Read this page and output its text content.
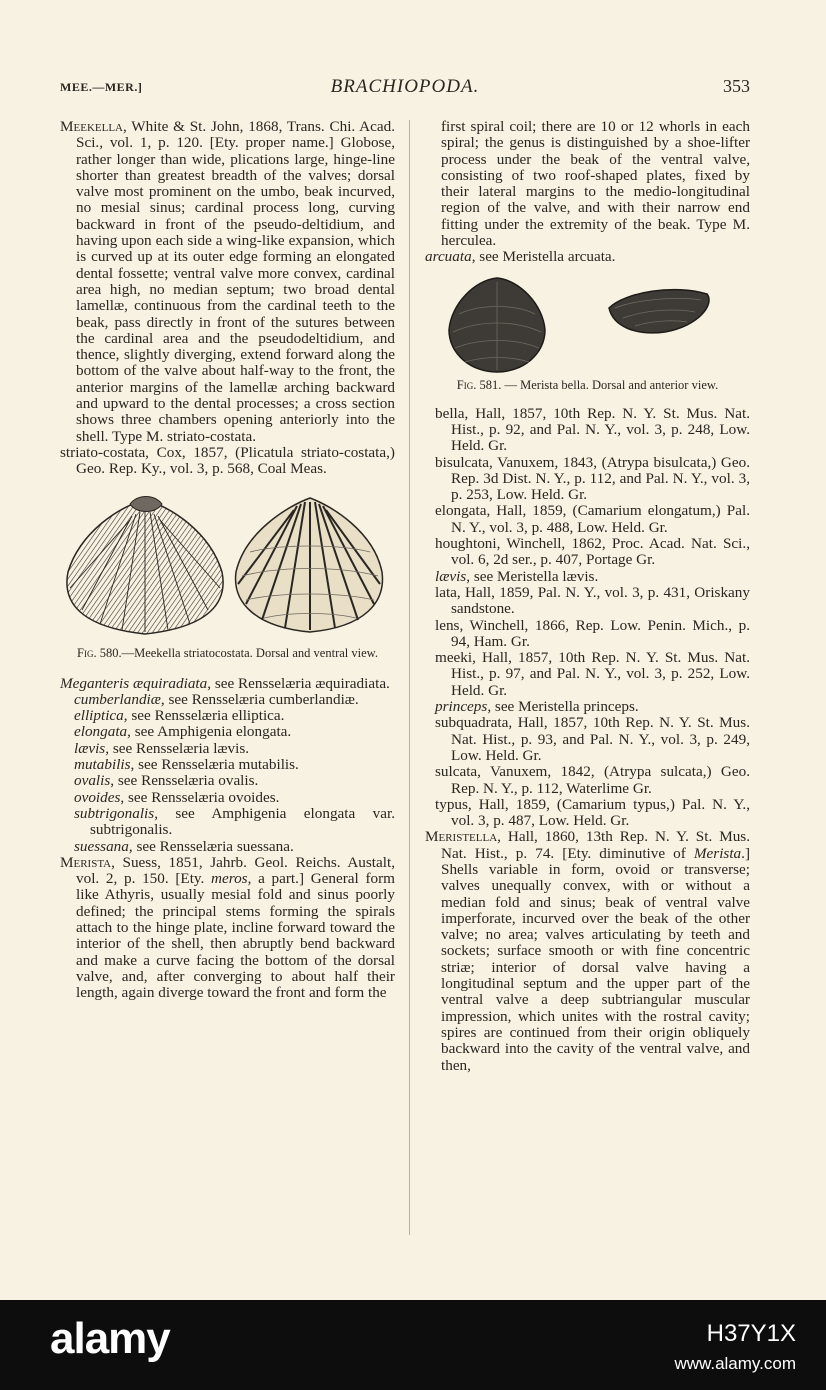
MEE.—MER.]	BRACHIOPODA.	353

Meekella, White & St. John, 1868, Trans. Chi. Acad. Sci., vol. 1, p. 120. [Ety. proper name.] Globose, rather longer than wide, plications large, hinge-line shorter than greatest breadth of the valves; dorsal valve most prominent on the umbo, beak incurved, no mesial sinus; cardinal process long, curving backward in front of the pseudo-deltidium, and having upon each side a wing-like expansion, which is curved up at its outer edge forming an elongated dental fossette; ventral valve more convex, cardinal area high, no median septum; two broad dental lamellæ, continuous from the cardinal teeth to the beak, pass directly in front of the sutures between the cardinal area and the pseudodeltidium, and thence, slightly diverging, extend forward along the bottom of the valve about half-way to the front, the anterior margins of the lamellæ arching backward and upward to the dental processes; a cross section shows three chambers opening anteriorly into the shell. Type M. striato-costata.

striato-costata, Cox, 1857, (Plicatula striato-costata,) Geo. Rep. Ky., vol. 3, p. 568, Coal Meas.

Fig. 580.—Meekella striatocostata. Dorsal and ventral view.

Meganteris æquiradiata, see Rensselæria æquiradiata.

cumberlandiæ, see Rensselæria cumberlandiæ.

elliptica, see Rensselæria elliptica.

elongata, see Amphigenia elongata.

lævis, see Rensselæria lævis.

mutabilis, see Rensselæria mutabilis.

ovalis, see Rensselæria ovalis.

ovoides, see Rensselæria ovoides.

subtrigonalis, see Amphigenia elongata var. subtrigonalis.

suessana, see Rensselæria suessana.

Merista, Suess, 1851, Jahrb. Geol. Reichs. Austalt, vol. 2, p. 150. [Ety. meros, a part.] General form like Athyris, usually mesial fold and sinus poorly defined; the principal stems forming the spirals attach to the hinge plate, incline forward toward the interior of the shell, then abruptly bend backward and make a curve facing the bottom of the dorsal valve, and, after converging to about half their length, again diverge toward the front and form the

first spiral coil; there are 10 or 12 whorls in each spiral; the genus is distinguished by a shoe-lifter process under the beak of the ventral valve, consisting of two roof-shaped plates, fixed by their lateral margins to the medio-longitudinal region of the valve, and with their narrow end fitting under the extremity of the beak. Type M. herculea.

arcuata, see Meristella arcuata.

Fig. 581. — Merista bella. Dorsal and anterior view.

bella, Hall, 1857, 10th Rep. N. Y. St. Mus. Nat. Hist., p. 92, and Pal. N. Y., vol. 3, p. 248, Low. Held. Gr.

bisulcata, Vanuxem, 1843, (Atrypa bisulcata,) Geo. Rep. 3d Dist. N. Y., p. 112, and Pal. N. Y., vol. 3, p. 253, Low. Held. Gr.

elongata, Hall, 1859, (Camarium elongatum,) Pal. N. Y., vol. 3, p. 488, Low. Held. Gr.

houghtoni, Winchell, 1862, Proc. Acad. Nat. Sci., vol. 6, 2d ser., p. 407, Portage Gr.

lævis, see Meristella lævis.

lata, Hall, 1859, Pal. N. Y., vol. 3, p. 431, Oriskany sandstone.

lens, Winchell, 1866, Rep. Low. Penin. Mich., p. 94, Ham. Gr.

meeki, Hall, 1857, 10th Rep. N. Y. St. Mus. Nat. Hist., p. 97, and Pal. N. Y., vol. 3, p. 252, Low. Held. Gr.

princeps, see Meristella princeps.

subquadrata, Hall, 1857, 10th Rep. N. Y. St. Mus. Nat. Hist., p. 93, and Pal. N. Y., vol. 3, p. 249, Low. Held. Gr.

sulcata, Vanuxem, 1842, (Atrypa sulcata,) Geo. Rep. N. Y., p. 112, Waterlime Gr.

typus, Hall, 1859, (Camarium typus,) Pal. N. Y., vol. 3, p. 487, Low. Held. Gr.

Meristella, Hall, 1860, 13th Rep. N. Y. St. Mus. Nat. Hist., p. 74. [Ety. diminutive of Merista.] Shells variable in form, ovoid or transverse; valves unequally convex, with or without a median fold and sinus; beak of ventral valve imperforate, incurved over the beak of the other valve; no area; valves articulating by teeth and sockets; surface smooth or with fine concentric striæ; interior of dorsal valve having a longitudinal septum and the upper part of the ventral valve a deep subtriangular muscular impression, which unites with the rostral cavity; spires are continued from their origin obliquely backward into the cavity of the ventral valve, and then,

alamy	H37Y1X
www.alamy.com
